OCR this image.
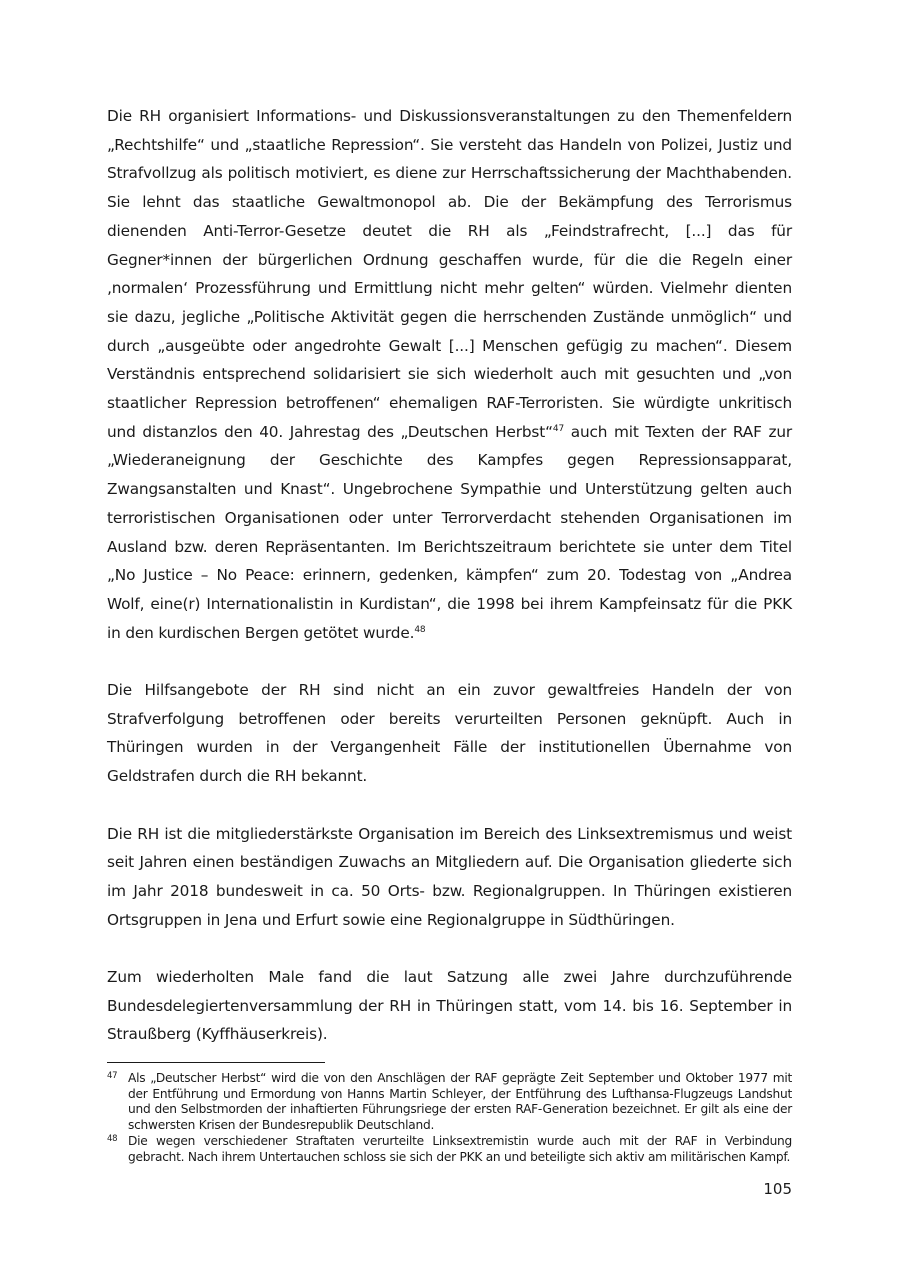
Die RH organisiert Informations- und Diskussionsveranstaltungen zu den Themenfeldern „Rechtshilfe“ und „staatliche Repression“. Sie versteht das Handeln von Polizei, Justiz und Strafvollzug als politisch motiviert, es diene zur Herrschaftssicherung der Machthabenden. Sie lehnt das staatliche Gewaltmonopol ab. Die der Bekämpfung des Terrorismus dienenden Anti-Terror-Gesetze deutet die RH als „Feindstrafrecht, [...] das für Gegner*innen der bürgerlichen Ordnung geschaffen wurde, für die die Regeln einer ‚normalen‘ Prozessführung und Ermittlung nicht mehr gelten“ würden. Vielmehr dienten sie dazu, jegliche „Politische Aktivität gegen die herrschenden Zustände unmöglich“ und durch „ausgeübte oder angedrohte Gewalt [...] Menschen gefügig zu machen“. Diesem Verständnis entsprechend solidarisiert sie sich wiederholt auch mit gesuchten und „von staatlicher Repression betroffenen“ ehemaligen RAF-Terroristen. Sie würdigte unkritisch und distanzlos den 40. Jahrestag des „Deutschen Herbst“$^{47}$ auch mit Texten der RAF zur „Wiederaneignung der Geschichte des Kampfes gegen Repressionsapparat, Zwangsanstalten und Knast“. Ungebrochene Sympathie und Unterstützung gelten auch terroristischen Organisationen oder unter Terrorverdacht stehenden Organisationen im Ausland bzw. deren Repräsentanten. Im Berichtszeitraum berichtete sie unter dem Titel „No Justice – No Peace: erinnern, gedenken, kämpfen“ zum 20. Todestag von „Andrea Wolf, eine(r) Internationalistin in Kurdistan“, die 1998 bei ihrem Kampfeinsatz für die PKK in den kurdischen Bergen getötet wurde.$^{48}$

Die Hilfsangebote der RH sind nicht an ein zuvor gewaltfreies Handeln der von Strafverfolgung betroffenen oder bereits verurteilten Personen geknüpft. Auch in Thüringen wurden in der Vergangenheit Fälle der institutionellen Übernahme von Geldstrafen durch die RH bekannt.

Die RH ist die mitgliederstärkste Organisation im Bereich des Linksextremismus und weist seit Jahren einen beständigen Zuwachs an Mitgliedern auf. Die Organisation gliederte sich im Jahr 2018 bundesweit in ca. 50 Orts- bzw. Regionalgruppen. In Thüringen existieren Ortsgruppen in Jena und Erfurt sowie eine Regionalgruppe in Südthüringen.

Zum wiederholten Male fand die laut Satzung alle zwei Jahre durchzuführende Bundesdelegiertenversammlung der RH in Thüringen statt, vom 14. bis 16. September in Straußberg (Kyffhäuserkreis).

47 Als „Deutscher Herbst“ wird die von den Anschlägen der RAF geprägte Zeit September und Oktober 1977 mit der Entführung und Ermordung von Hanns Martin Schleyer, der Entführung des Lufthansa-Flugzeugs Landshut und den Selbstmorden der inhaftierten Führungsriege der ersten RAF-Generation bezeichnet. Er gilt als eine der schwersten Krisen der Bundesrepublik Deutschland.
48 Die wegen verschiedener Straftaten verurteilte Linksextremistin wurde auch mit der RAF in Verbindung gebracht. Nach ihrem Untertauchen schloss sie sich der PKK an und beteiligte sich aktiv am militärischen Kampf.
105
